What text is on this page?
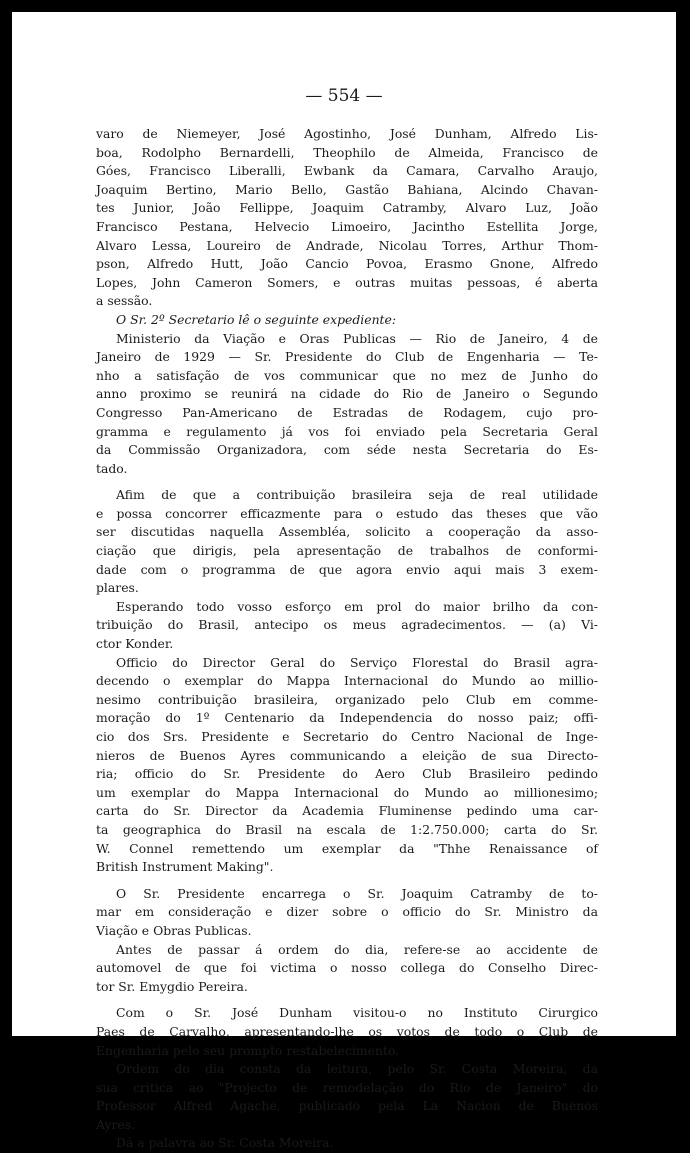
— 554 —
varo de Niemeyer, José Agostinho, José Dunham, Alfredo Lis-
boa, Rodolpho Bernardelli, Theophilo de Almeida, Francisco de
Góes, Francisco Liberalli, Ewbank da Camara, Carvalho Araujo,
Joaquim Bertino, Mario Bello, Gastão Bahiana, Alcindo Chavan-
tes Junior, João Fellippe, Joaquim Catramby, Alvaro Luz, João
Francisco Pestana, Helvecio Limoeiro, Jacintho Estellita Jorge,
Alvaro Lessa, Loureiro de Andrade, Nicolau Torres, Arthur Thom-
pson, Alfredo Hutt, João Cancio Povoa, Erasmo Gnone, Alfredo
Lopes, John Cameron Somers, e outras muitas pessoas, é aberta
a sessão.
O Sr. 2º Secretario lê o seguinte expediente:
Ministerio da Viação e Oras Publicas — Rio de Janeiro, 4 de
Janeiro de 1929 — Sr. Presidente do Club de Engenharia — Te-
nho a satisfação de vos communicar que no mez de Junho do
anno proximo se reunirá na cidade do Rio de Janeiro o Segundo
Congresso Pan-Americano de Estradas de Rodagem, cujo pro-
gramma e regulamento já vos foi enviado pela Secretaria Geral
da Commissão Organizadora, com séde nesta Secretaria do Es-
tado.
Afim de que a contribuição brasileira seja de real utilidade
e possa concorrer efficazmente para o estudo das theses que vão
ser discutidas naquella Assembléa, solicito a cooperação da asso-
ciação que dirigis, pela apresentação de trabalhos de conformi-
dade com o programma de que agora envio aqui mais 3 exem-
plares.
Esperando todo vosso esforço em prol do maior brilho da con-
tribuição do Brasil, antecipo os meus agradecimentos. — (a) Vi-
ctor Konder.
Officio do Director Geral do Serviço Florestal do Brasil agra-
decendo o exemplar do Mappa Internacional do Mundo ao millio-
nesimo contribuição brasileira, organizado pelo Club em comme-
moração do 1º Centenario da Independencia do nosso paiz; offi-
cio dos Srs. Presidente e Secretario do Centro Nacional de Inge-
nieros de Buenos Ayres communicando a eleição de sua Directo-
ria; officio do Sr. Presidente do Aero Club Brasileiro pedindo
um exemplar do Mappa Internacional do Mundo ao millionesimo;
carta do Sr. Director da Academia Fluminense pedindo uma car-
ta geographica do Brasil na escala de 1:2.750.000; carta do Sr.
W. Connel remettendo um exemplar da "Thhe Renaissance of
British Instrument Making".
O Sr. Presidente encarrega o Sr. Joaquim Catramby de to-
mar em consideração e dizer sobre o officio do Sr. Ministro da
Viação e Obras Publicas.
Antes de passar á ordem do dia, refere-se ao accidente de
automovel de que foi victima o nosso collega do Conselho Direc-
tor Sr. Emygdio Pereira.
Com o Sr. José Dunham visitou-o no Instituto Cirurgico
Paes de Carvalho, apresentando-lhe os votos de todo o Club de
Engenharia pelo seu prompto restabelecimento.
Ordem do dia consta da leitura, pelo Sr. Costa Moreira, da
sua critica ao "Projecto de remodelação do Rio de Janeiro" do
Professor Alfred Agache, publicado pela La Nacion de Buenos
Ayres.
Dá a palavra ao Sr. Costa Moreira.
